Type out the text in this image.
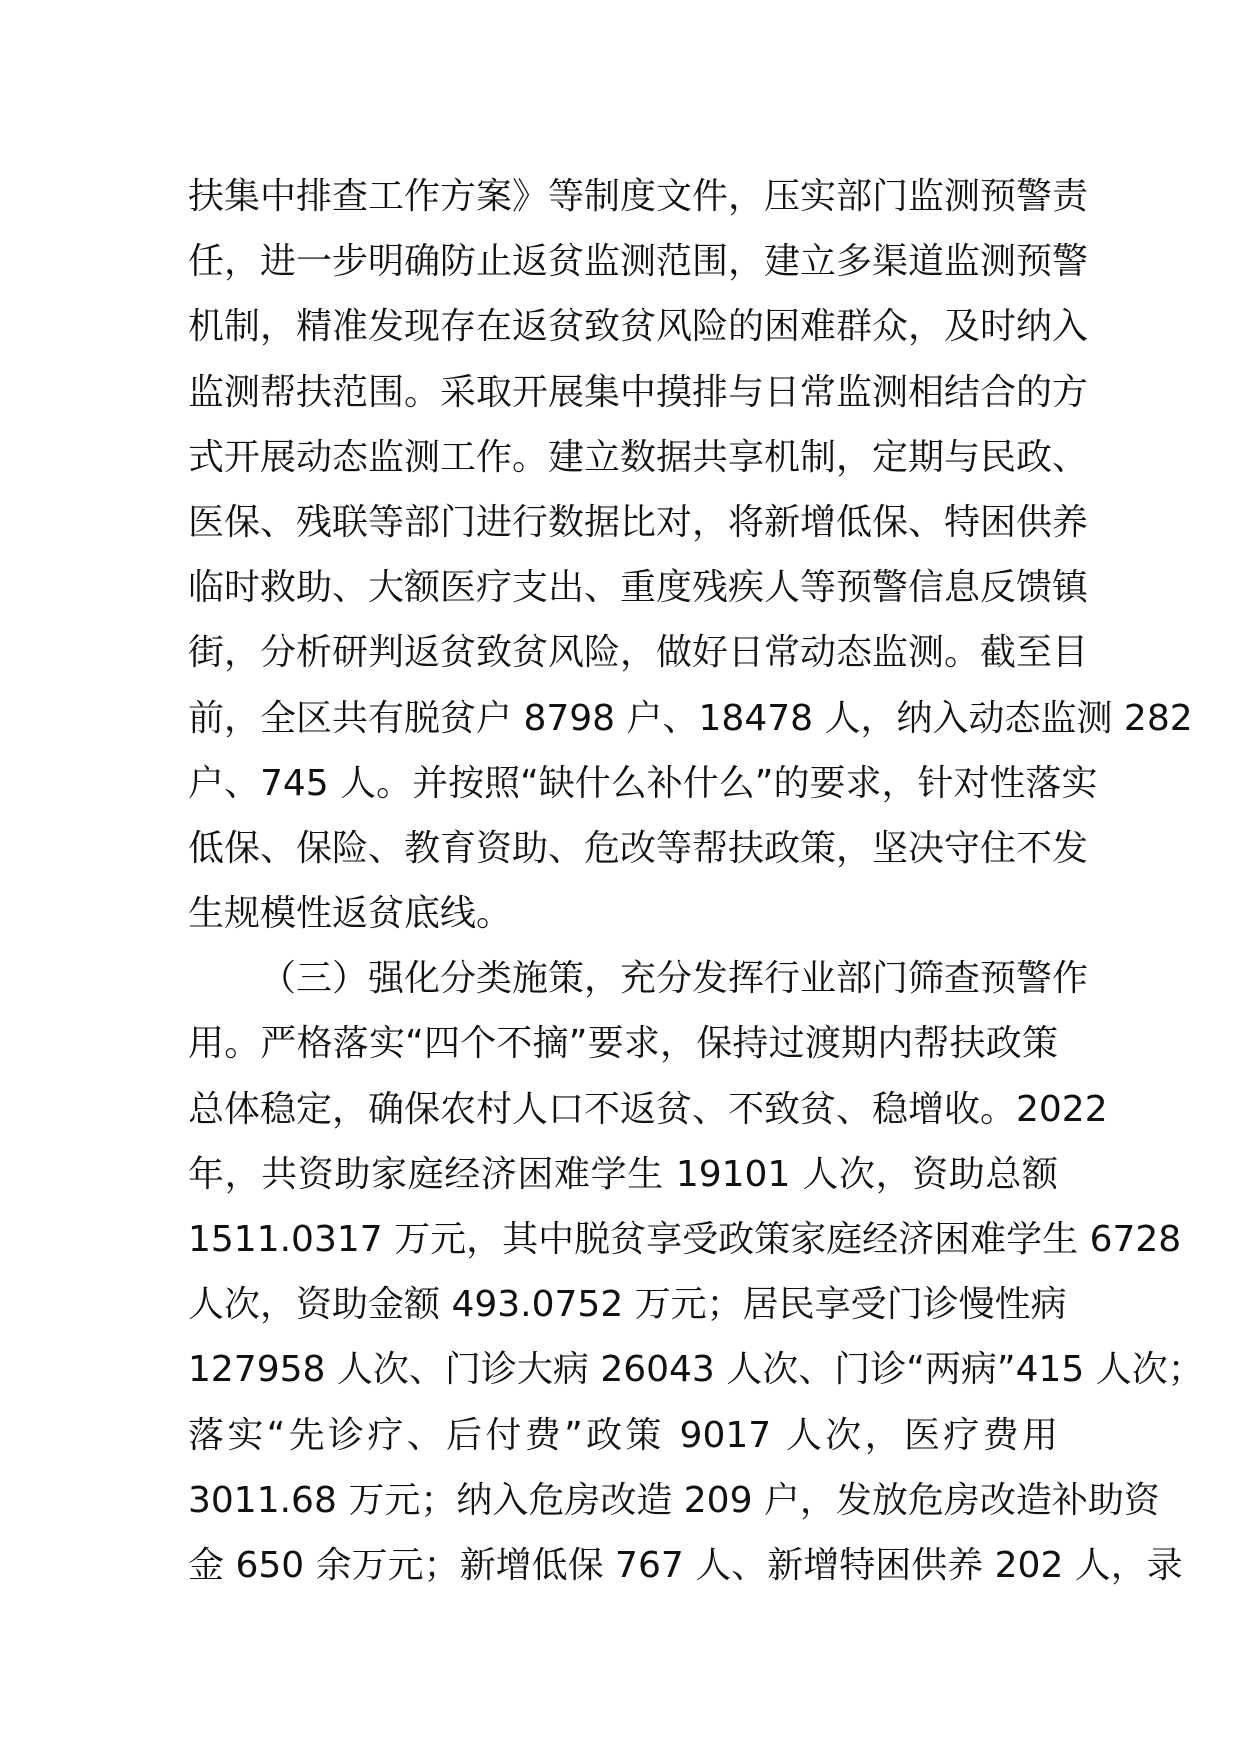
扶集中排查工作方案》等制度文件，压实部门监测预警责
任，进一步明确防止返贫监测范围，建立多渠道监测预警
机制，精准发现存在返贫致贫风险的困难群众，及时纳入
监测帮扶范围。采取开展集中摸排与日常监测相结合的方
式开展动态监测工作。建立数据共享机制，定期与民政、
医保、残联等部门进行数据比对，将新增低保、特困供养
临时救助、大额医疗支出、重度残疾人等预警信息反馈镇
街，分析研判返贫致贫风险，做好日常动态监测。截至目
前，全区共有脱贫户 8798 户、18478 人，纳入动态监测 282
户、745 人。并按照“缺什么补什么”的要求，针对性落实
低保、保险、教育资助、危改等帮扶政策，坚决守住不发
生规模性返贫底线。
（三）强化分类施策，充分发挥行业部门筛查预警作
用。严格落实“四个不摘”要求，保持过渡期内帮扶政策
总体稳定，确保农村人口不返贫、不致贫、稳增收。2022
年，共资助家庭经济困难学生 19101 人次，资助总额
1511.0317 万元，其中脱贫享受政策家庭经济困难学生 6728
人次，资助金额 493.0752 万元；居民享受门诊慢性病
127958 人次、门诊大病 26043 人次、门诊“两病”415 人次；
落实“先诊疗、后付费”政策 9017 人次，医疗费用
3011.68 万元；纳入危房改造 209 户，发放危房改造补助资
金 650 余万元；新增低保 767 人、新增特困供养 202 人，录
